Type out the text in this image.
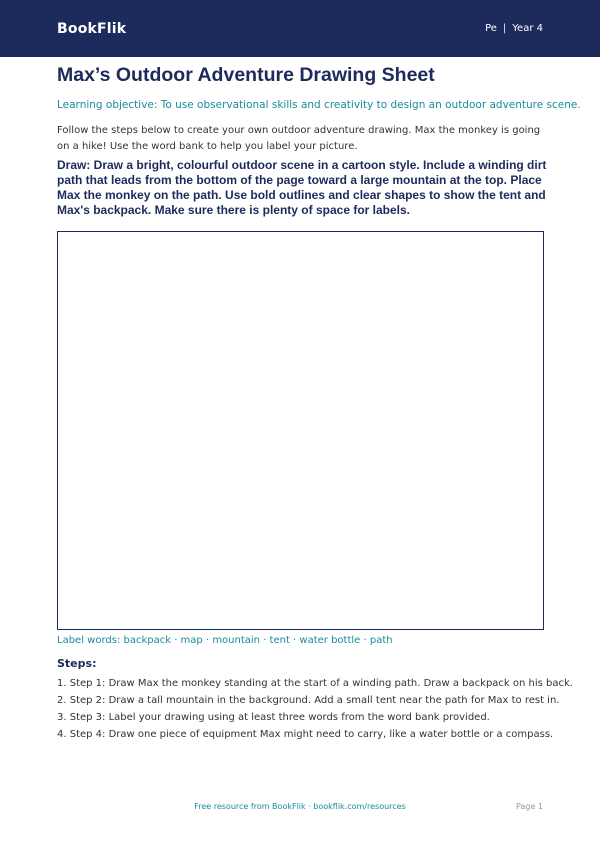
BookFlik	Pe | Year 4
Max’s Outdoor Adventure Drawing Sheet

Learning objective: To use observational skills and creativity to design an outdoor adventure scene.

Follow the steps below to create your own outdoor adventure drawing. Max the monkey is going on a hike! Use the word bank to help you label your picture.

Draw: Draw a bright, colourful outdoor scene in a cartoon style. Include a winding dirt path that leads from the bottom of the page toward a large mountain at the top. Place Max the monkey on the path. Use bold outlines and clear shapes to show the tent and Max's backpack. Make sure there is plenty of space for labels.

Label words: backpack · map · mountain · tent · water bottle · path

Steps:
1. Step 1: Draw Max the monkey standing at the start of a winding path. Draw a backpack on his back.
2. Step 2: Draw a tall mountain in the background. Add a small tent near the path for Max to rest in.
3. Step 3: Label your drawing using at least three words from the word bank provided.
4. Step 4: Draw one piece of equipment Max might need to carry, like a water bottle or a compass.
Free resource from BookFlik · bookflik.com/resources	Page 1
